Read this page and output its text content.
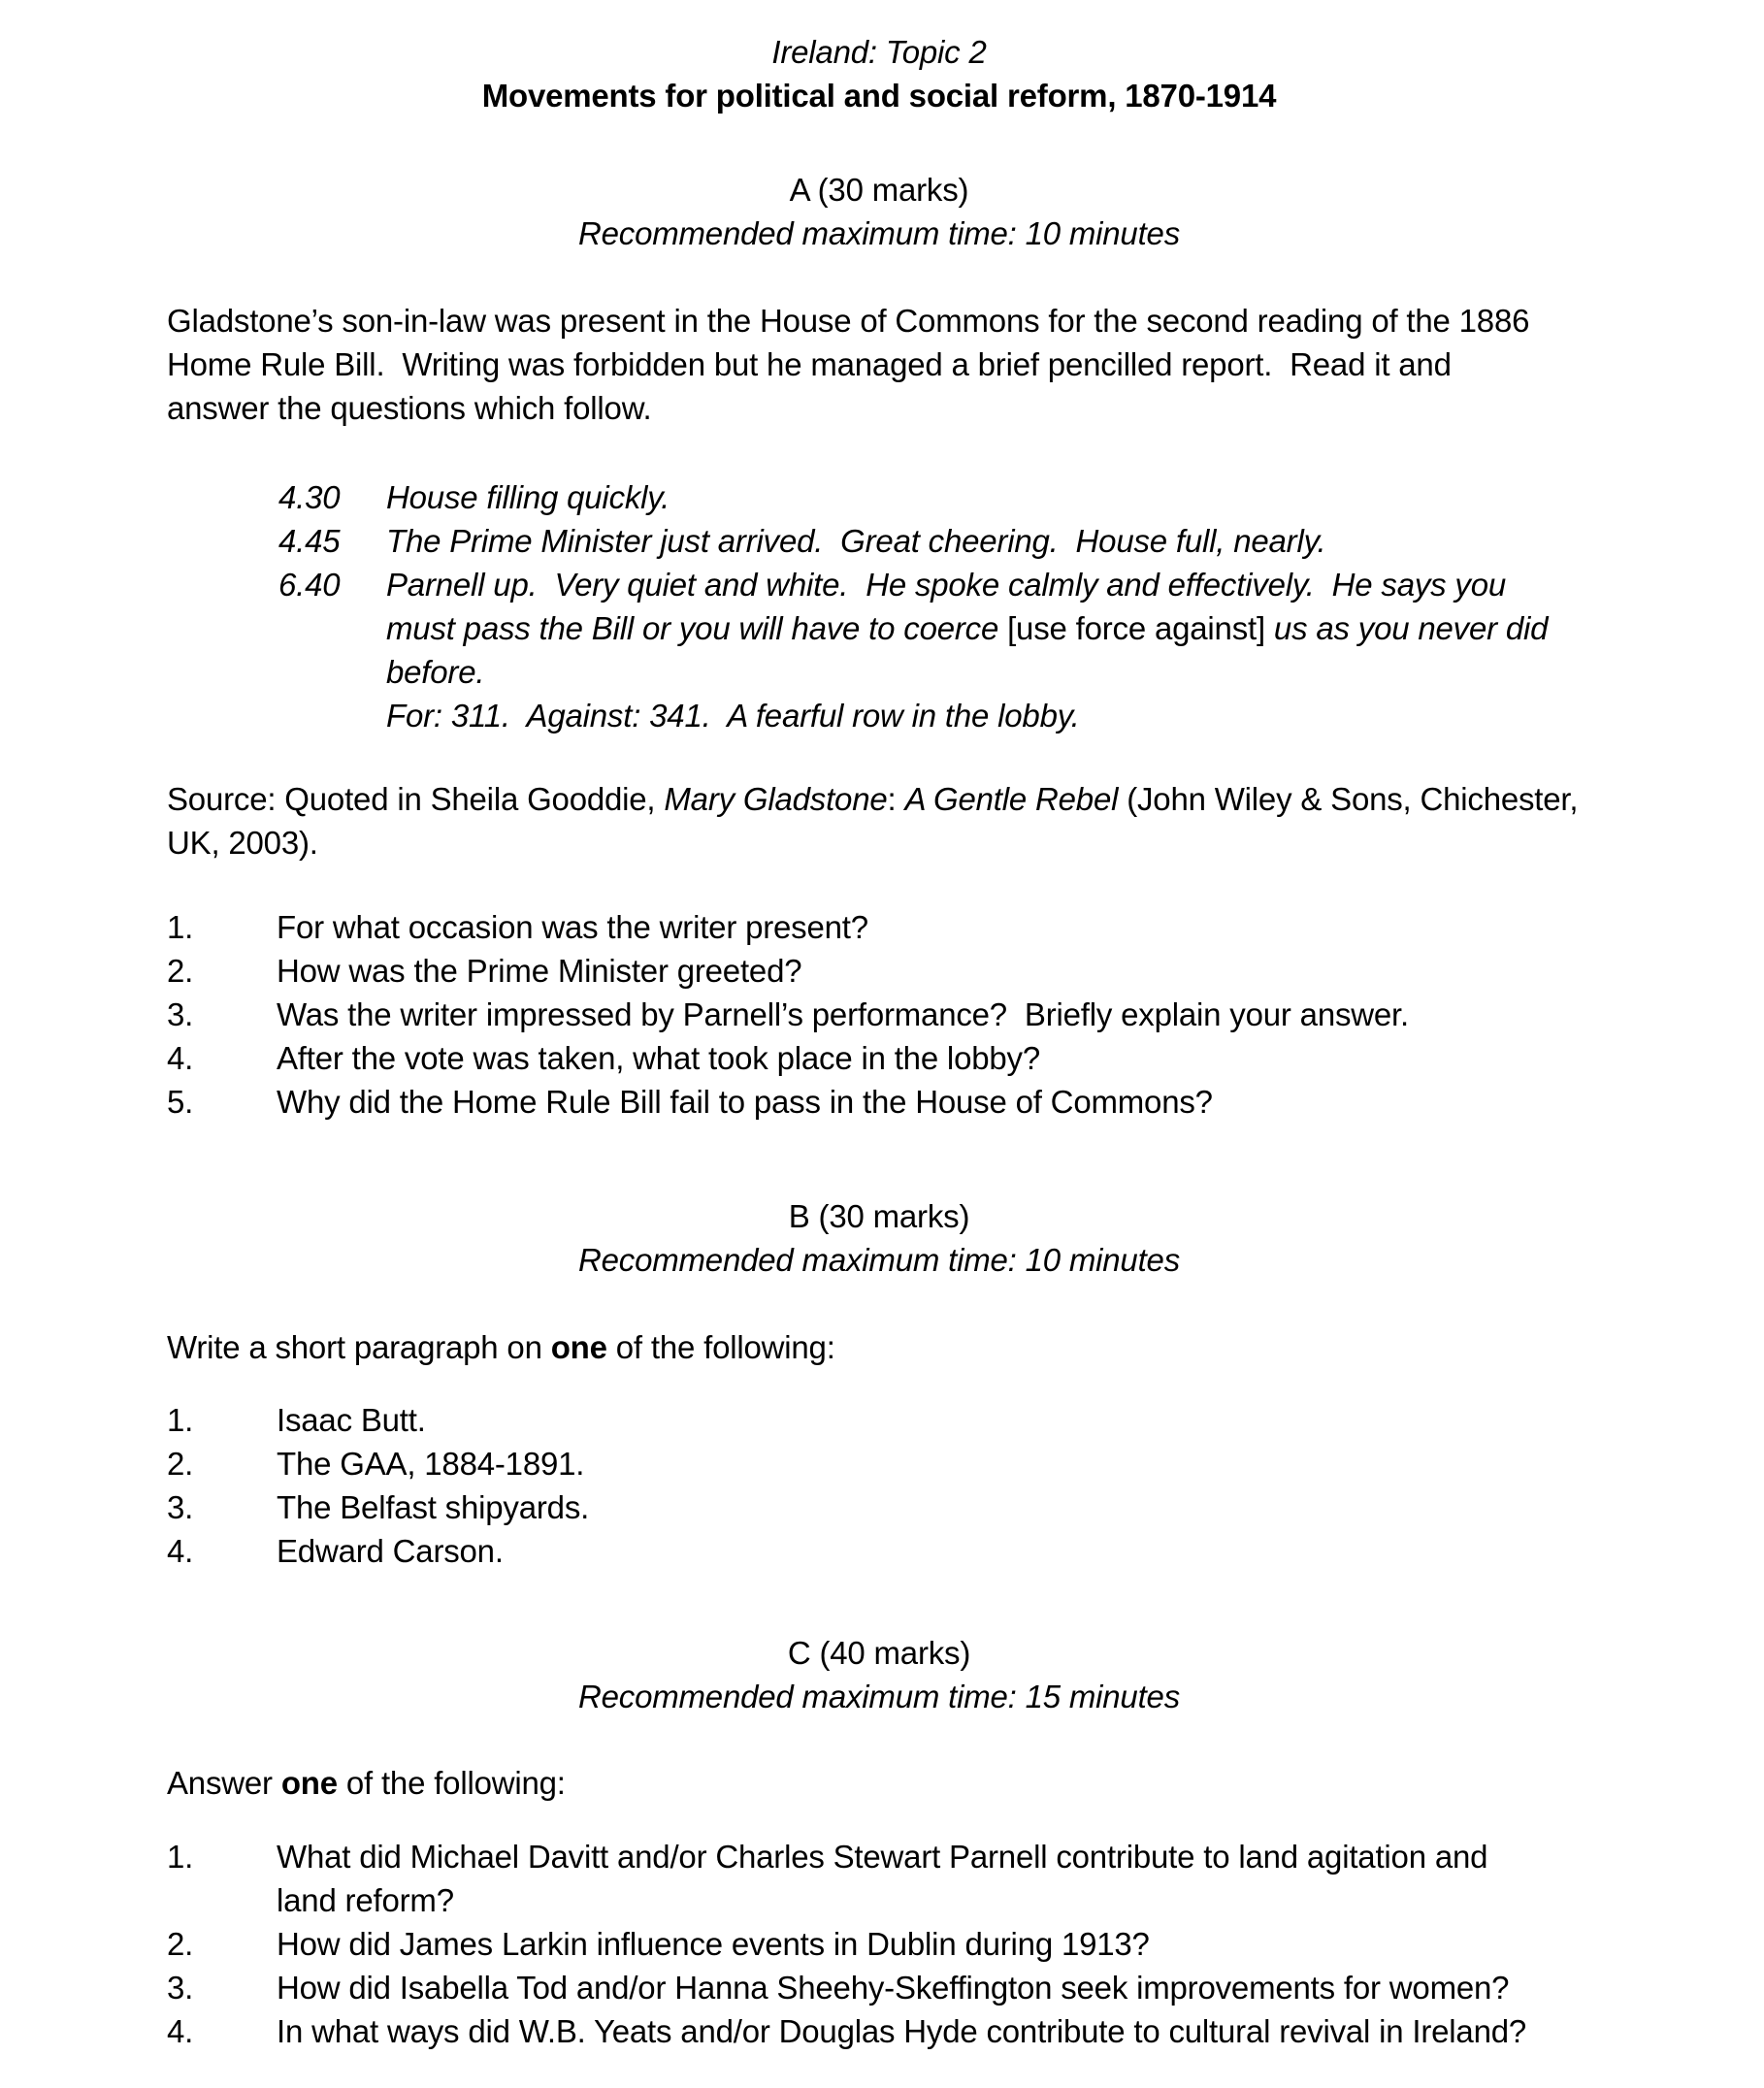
Ireland: Topic 2
Movements for political and social reform, 1870-1914
A (30 marks)
Recommended maximum time: 10 minutes
Gladstone’s son-in-law was present in the House of Commons for the second reading of the 1886
Home Rule Bill.  Writing was forbidden but he managed a brief pencilled report.  Read it and
answer the questions which follow.
4.30	House filling quickly.
4.45	The Prime Minister just arrived.  Great cheering.  House full, nearly.
6.40	Parnell up.  Very quiet and white.  He spoke calmly and effectively.  He says you
must pass the Bill or you will have to coerce [use force against] us as you never did
before.
For: 311.  Against: 341.  A fearful row in the lobby.
Source: Quoted in Sheila Gooddie, Mary Gladstone: A Gentle Rebel (John Wiley & Sons, Chichester,
UK, 2003).
1.	For what occasion was the writer present?
2.	How was the Prime Minister greeted?
3.	Was the writer impressed by Parnell’s performance?  Briefly explain your answer.
4.	After the vote was taken, what took place in the lobby?
5.	Why did the Home Rule Bill fail to pass in the House of Commons?
B (30 marks)
Recommended maximum time: 10 minutes
Write a short paragraph on one of the following:
1.	Isaac Butt.
2.	The GAA, 1884-1891.
3.	The Belfast shipyards.
4.	Edward Carson.
C (40 marks)
Recommended maximum time: 15 minutes
Answer one of the following:
1.	What did Michael Davitt and/or Charles Stewart Parnell contribute to land agitation and
land reform?
2.	How did James Larkin influence events in Dublin during 1913?
3.	How did Isabella Tod and/or Hanna Sheehy-Skeffington seek improvements for women?
4.	In what ways did W.B. Yeats and/or Douglas Hyde contribute to cultural revival in Ireland?
